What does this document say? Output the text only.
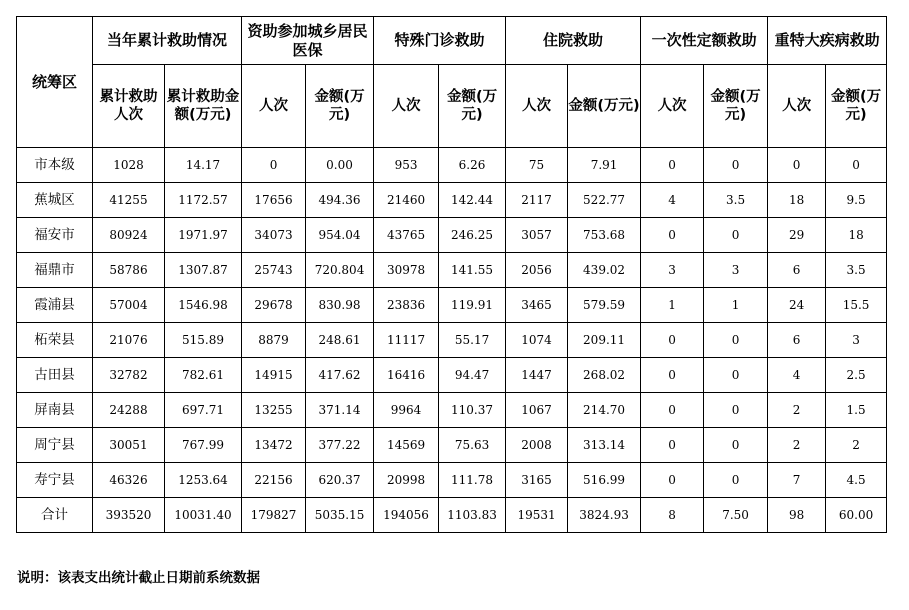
统筹区	当年累计救助情况		资助参加城乡居民医保		特殊门诊救助		住院救助		一次性定额救助		重特大疾病救助	
	累计救助人次	累计救助金额(万元)	人次	金额(万元)	人次	金额(万元)	人次	金额(万元)	人次	金额(万元)	人次	金额(万元)
市本级	1028	14.17	0	0.00	953	6.26	75	7.91	0	0	0	0
蕉城区	41255	1172.57	17656	494.36	21460	142.44	2117	522.77	4	3.5	18	9.5
福安市	80924	1971.97	34073	954.04	43765	246.25	3057	753.68	0	0	29	18
福鼎市	58786	1307.87	25743	720.804	30978	141.55	2056	439.02	3	3	6	3.5
霞浦县	57004	1546.98	29678	830.98	23836	119.91	3465	579.59	1	1	24	15.5
柘荣县	21076	515.89	8879	248.61	11117	55.17	1074	209.11	0	0	6	3
古田县	32782	782.61	14915	417.62	16416	94.47	1447	268.02	0	0	4	2.5
屏南县	24288	697.71	13255	371.14	9964	110.37	1067	214.70	0	0	2	1.5
周宁县	30051	767.99	13472	377.22	14569	75.63	2008	313.14	0	0	2	2
寿宁县	46326	1253.64	22156	620.37	20998	111.78	3165	516.99	0	0	7	4.5
合计	393520	10031.40	179827	5035.15	194056	1103.83	19531	3824.93	8	7.50	98	60.00
说明：该表支出统计截止日期前系统数据
